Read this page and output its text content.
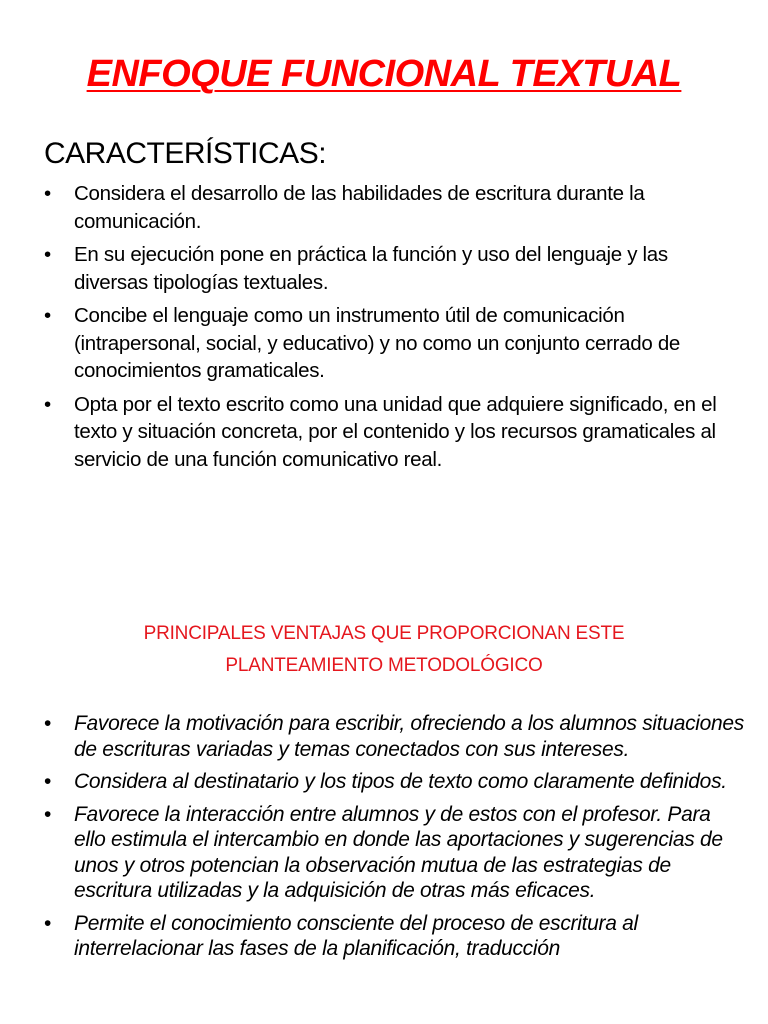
ENFOQUE FUNCIONAL TEXTUAL
CARACTERÍSTICAS:
•	Considera el desarrollo de las habilidades de escritura durante la comunicación.
•	En su ejecución pone en práctica la función y uso del lenguaje y las diversas tipologías textuales.
•	Concibe el lenguaje como un instrumento útil de comunicación (intrapersonal, social, y educativo) y no como un conjunto cerrado de conocimientos gramaticales.
•	Opta por el texto escrito como una unidad que adquiere significado, en el texto y situación concreta, por el contenido y los recursos gramaticales al servicio de una función comunicativo real.
PRINCIPALES VENTAJAS QUE PROPORCIONAN ESTE
PLANTEAMIENTO METODOLÓGICO
•	Favorece la motivación para escribir, ofreciendo a los alumnos situaciones de escrituras variadas y temas conectados con sus intereses.
•	Considera al destinatario y los tipos de texto como claramente definidos.
•	Favorece la interacción entre alumnos y de estos con el profesor. Para ello estimula el intercambio en donde las aportaciones y sugerencias de unos y otros potencian la observación mutua de las estrategias de escritura utilizadas y la adquisición de otras más eficaces.
•	Permite el conocimiento consciente del proceso de escritura al interrelacionar las fases de la planificación, traducción
